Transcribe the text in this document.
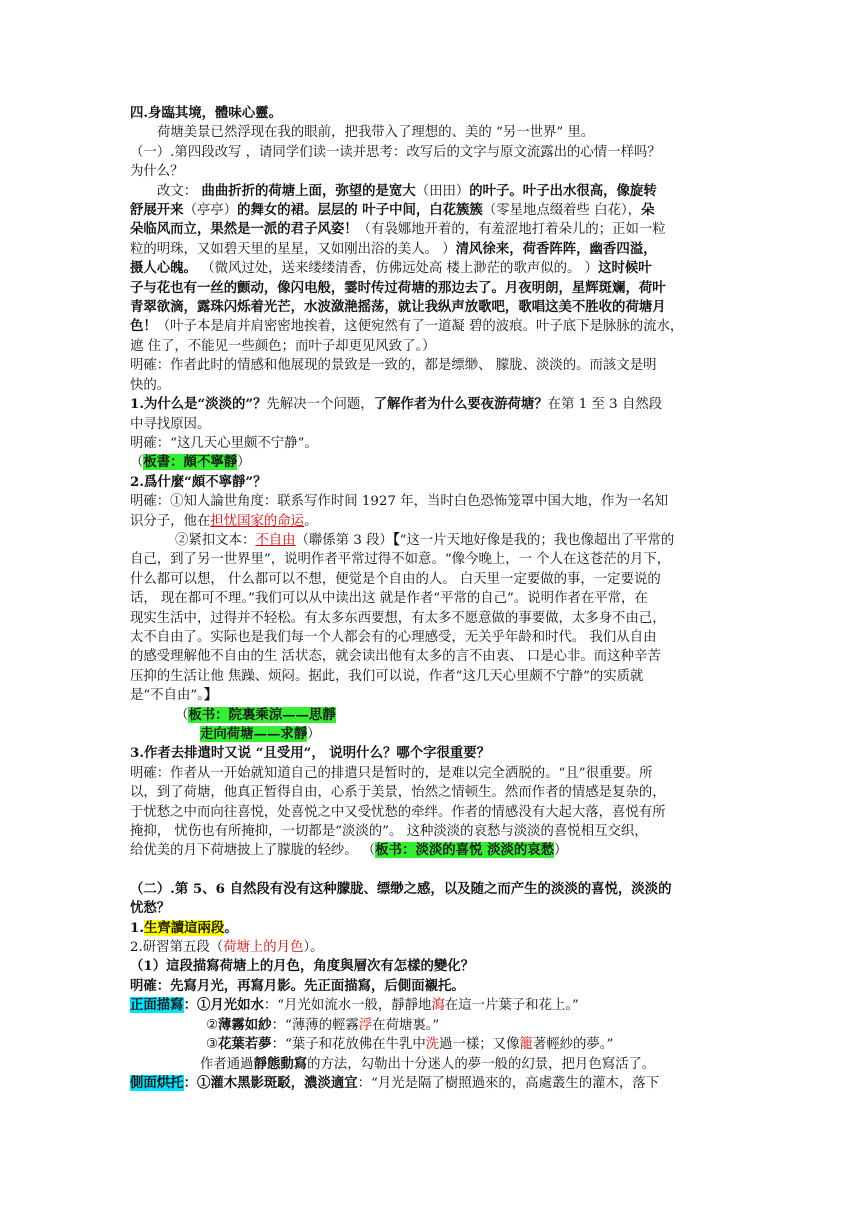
四.身臨其境，體味心靈。
荷塘美景已然浮现在我的眼前，把我带入了理想的、美的 “另一世界” 里。
（一）.第四段改写 ，请同学们读一读并思考：改写后的文字与原文流露出的心情一样吗？
为什么？
改文： 曲曲折折的荷塘上面，弥望的是宽大（田田）的叶子。叶子出水很高，像旋转
舒展开来（亭亭）的舞女的裙。层层的 叶子中间，白花簇簇（零星地点缀着些 白花），朵
朵临风而立，果然是一派的君子风姿！（有袅娜地开着的，有羞涩地打着朵儿的；正如一粒
粒的明珠，又如碧天里的星星，又如刚出浴的美人。 ）清风徐来，荷香阵阵，幽香四溢，
摄人心魄。 （微风过处，送来缕缕清香，仿佛远处高 楼上渺茫的歌声似的。 ）这时候叶
子与花也有一丝的颤动，像闪电般，霎时传过荷塘的那边去了。月夜明朗，星辉斑斓，荷叶
青翠欲滴，露珠闪烁着光芒，水波潋滟摇荡，就让我纵声放歌吧，歌唱这美不胜收的荷塘月
色！（叶子本是肩并肩密密地挨着，这便宛然有了一道凝 碧的波痕。叶子底下是脉脉的流水，
遮 住了，不能见一些颜色；而叶子却更见风致了。）
明確：作者此时的情感和他展现的景致是一致的，都是缥缈、 朦胧、淡淡的。而該文是明
快的。
1.为什么是“淡淡的”？先解决一个问题，了解作者为什么要夜游荷塘？在第 1 至 3 自然段
中寻找原因。
明確：“这几天心里颇不宁静”。
（板書：頗不寧靜）
2.爲什麼“頗不寧靜”？
明確：①知人論世角度：联系写作时间 1927 年，当时白色恐怖笼罩中国大地，作为一名知
识分子，他在担忧国家的命运。
②紧扣文本：不自由（聯係第 3 段）【“这一片天地好像是我的；我也像超出了平常的
自己，到了另一世界里”，说明作者平常过得不如意。“像今晚上，一 个人在这苍茫的月下，
什么都可以想， 什么都可以不想，便觉是个自由的人。 白天里一定要做的事，一定要说的
话， 现在都可不理。”我们可以从中读出这 就是作者“平常的自己”。说明作者在平常，在
现实生活中，过得并不轻松。有太多东西要想，有太多不愿意做的事要做，太多身不由己，
太不自由了。实际也是我们每一个人都会有的心理感受，无关乎年龄和时代。 我们从自由
的感受理解他不自由的生 活状态，就会读出他有太多的言不由衷、 口是心非。而这种辛苦
压抑的生活让他 焦躁、烦闷。据此，我们可以说，作者“这几天心里颇不宁静”的实质就
是“不自由”。】
（板书：院裏乘涼——思靜
走向荷塘——求靜）
3.作者去排遣时又说 “且受用”， 说明什么？哪个字很重要？
明確：作者从一开始就知道自己的排遣只是暂时的，是难以完全洒脱的。“且”很重要。所
以，到了荷塘，他真正暂得自由，心系于美景，怡然之情顿生。然而作者的情感是复杂的，
于忧愁之中而向往喜悦，处喜悦之中又受忧愁的牵绊。作者的情感没有大起大落，喜悦有所
掩抑， 忧伤也有所掩抑，一切都是“淡淡的”。 这种淡淡的哀愁与淡淡的喜悦相互交织，
给优美的月下荷塘披上了朦胧的轻纱。 （板书：淡淡的喜悦 淡淡的哀愁）
（二）.第 5、6 自然段有没有这种朦胧、缥缈之感，以及随之而产生的淡淡的喜悦，淡淡的
忧愁？
1.生齊讀這兩段。
2.研習第五段（荷塘上的月色）。
（1）這段描寫荷塘上的月色，角度與層次有怎樣的變化？
明確：先寫月光，再寫月影。先正面描寫，后側面襯托。
正面描寫：①月光如水：“月光如流水一般，靜靜地瀉在這一片葉子和花上。”
②薄霧如紗：“薄薄的輕霧浮在荷塘裏。”
③花葉若夢：“葉子和花放佛在牛乳中洗過一樣；又像籠著輕紗的夢。”
作者通過靜態動寫的方法，勾勒出十分迷人的夢一般的幻景，把月色寫活了。
側面烘托：①灌木黑影斑駁，濃淡適宜：“月光是隔了樹照過來的，高處叢生的灌木，落下
